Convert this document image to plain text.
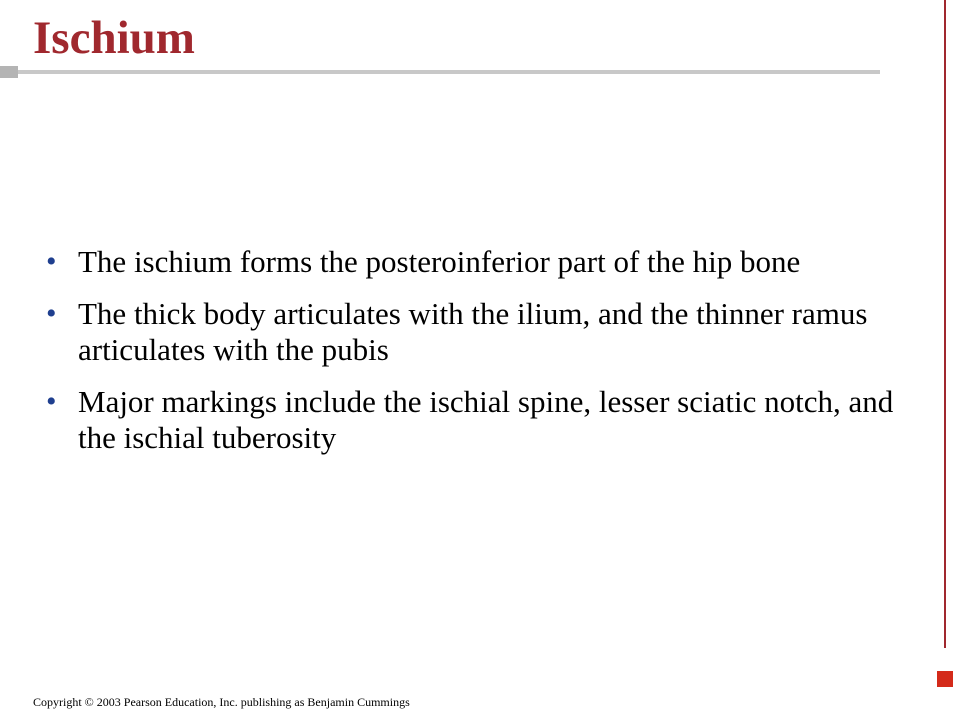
Ischium
• The ischium forms the posteroinferior part of the hip bone
• The thick body articulates with the ilium, and the thinner ramus articulates with the pubis
• Major markings include the ischial spine, lesser sciatic notch, and the ischial tuberosity
Copyright © 2003 Pearson Education, Inc. publishing as Benjamin Cummings
